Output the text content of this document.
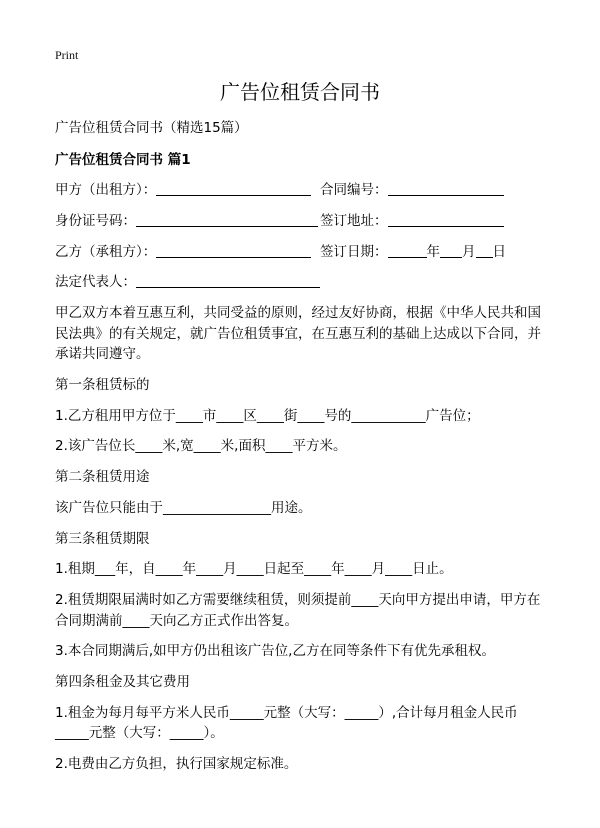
Print
广告位租赁合同书
广告位租赁合同书（精选15篇）
广告位租赁合同书 篇1
甲方（出租方）：	合同编号：
身份证号码：	签订地址：
乙方（承租方）：	签订日期：	年 月 日
法定代表人：
甲乙双方本着互惠互利，共同受益的原则，经过友好协商，根据《中华人民共和国
民法典》的有关规定，就广告位租赁事宜，在互惠互利的基础上达成以下合同，并
承诺共同遵守。
第一条租赁标的
1.乙方租用甲方位于____市____区____街____号的___________广告位；
2.该广告位长____米,宽____米,面积____平方米。
第二条租赁用途
该广告位只能由于________________用途。
第三条租赁期限
1.租期___年，自____年____月____日起至____年____月____日止。
2.租赁期限届满时如乙方需要继续租赁，则须提前____天向甲方提出申请，甲方在
合同期满前____天向乙方正式作出答复。
3.本合同期满后,如甲方仍出租该广告位,乙方在同等条件下有优先承租权。
第四条租金及其它费用
1.租金为每月每平方米人民币_____元整（大写：_____）,合计每月租金人民币
_____元整（大写：_____）。
2.电费由乙方负担，执行国家规定标准。
